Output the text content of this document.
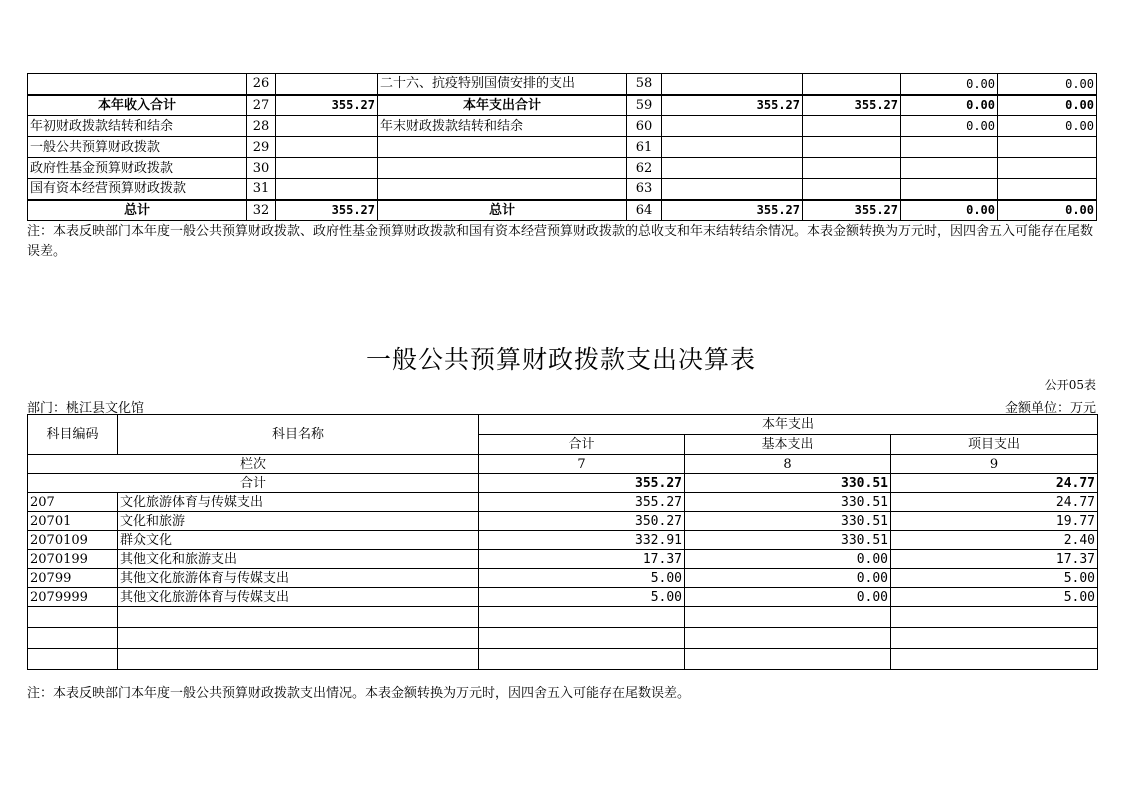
	26		二十六、抗疫特别国债安排的支出	58			0.00	0.00
本年收入合计	27	355.27	本年支出合计	59	355.27	355.27	0.00	0.00
年初财政拨款结转和结余	28		年末财政拨款结转和结余	60			0.00	0.00
一般公共预算财政拨款	29			61				
政府性基金预算财政拨款	30			62				
国有资本经营预算财政拨款	31			63				
总计	32	355.27	总计	64	355.27	355.27	0.00	0.00
注：本表反映部门本年度一般公共预算财政拨款、政府性基金预算财政拨款和国有资本经营预算财政拨款的总收支和年末结转结余情况。本表金额转换为万元时，因四舍五入可能存在尾数误差。
一般公共预算财政拨款支出决算表
公开05表
部门：桃江县文化馆	金额单位：万元
科目编码	科目名称	本年支出		
		合计	基本支出	项目支出
栏次		7	8	9
合计		355.27	330.51	24.77
207	文化旅游体育与传媒支出	355.27	330.51	24.77
20701	文化和旅游	350.27	330.51	19.77
2070109	群众文化	332.91	330.51	2.40
2070199	其他文化和旅游支出	17.37	0.00	17.37
20799	其他文化旅游体育与传媒支出	5.00	0.00	5.00
2079999	其他文化旅游体育与传媒支出	5.00	0.00	5.00

注：本表反映部门本年度一般公共预算财政拨款支出情况。本表金额转换为万元时，因四舍五入可能存在尾数误差。
